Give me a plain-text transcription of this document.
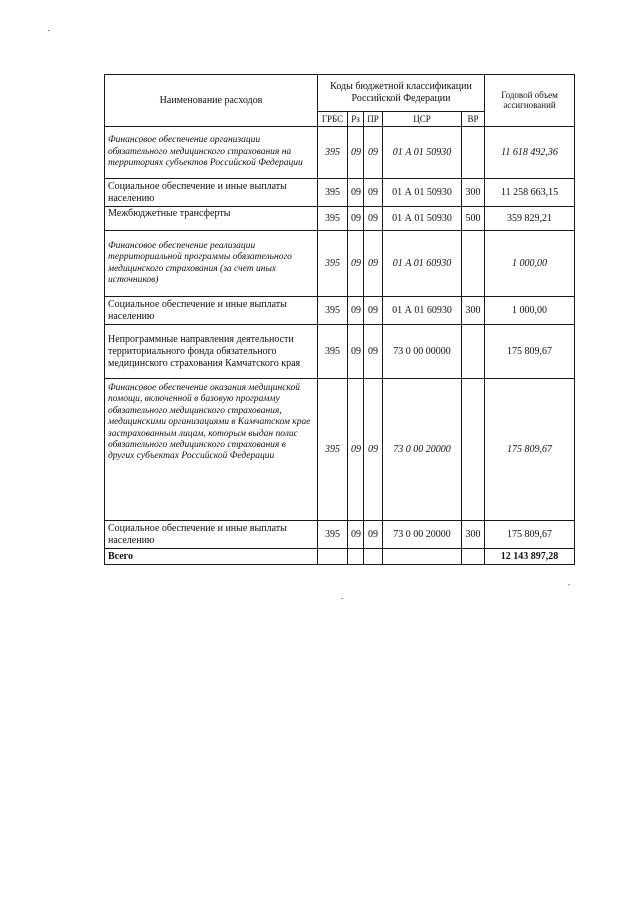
Наименование расходов	Коды бюджетной классификации Российской Федерации					Годовой объем ассигнований
	ГРБС	Рз	ПР	ЦСР	ВР	
Финансовое обеспечение организации обязательного медицинского страхования на территориях субъектов Российской Федерации	395	09	09	01 А 01 50930		11 618 492,36
Социальное обеспечение и иные выплаты населению	395	09	09	01 А 01 50930	300	11 258 663,15
Межбюджетные трансферты	395	09	09	01 А 01 50930	500	359 829,21
Финансовое обеспечение реализации территориальной программы обязательного медицинского страхования (за счет иных источников)	395	09	09	01 А 01 60930		1 000,00
Социальное обеспечение и иные выплаты населению	395	09	09	01 А 01 60930	300	1 000,00
Непрограммные направления деятельности территориального фонда обязательного медицинского страхования Камчатского края	395	09	09	73 0 00 00000		175 809,67
Финансовое обеспечение оказания медицинской помощи, включенной в базовую программу обязательного медицинского страхования, медицинскими организациями в Камчатском крае застрахованным лицам, которым выдан полис обязательного медицинского страхования в других субъектах Российской Федерации	395	09	09	73 0 00 20000		175 809,67
Социальное обеспечение и иные выплаты населению	395	09	09	73 0 00 20000	300	175 809,67
Всего						12 143 897,28
"
